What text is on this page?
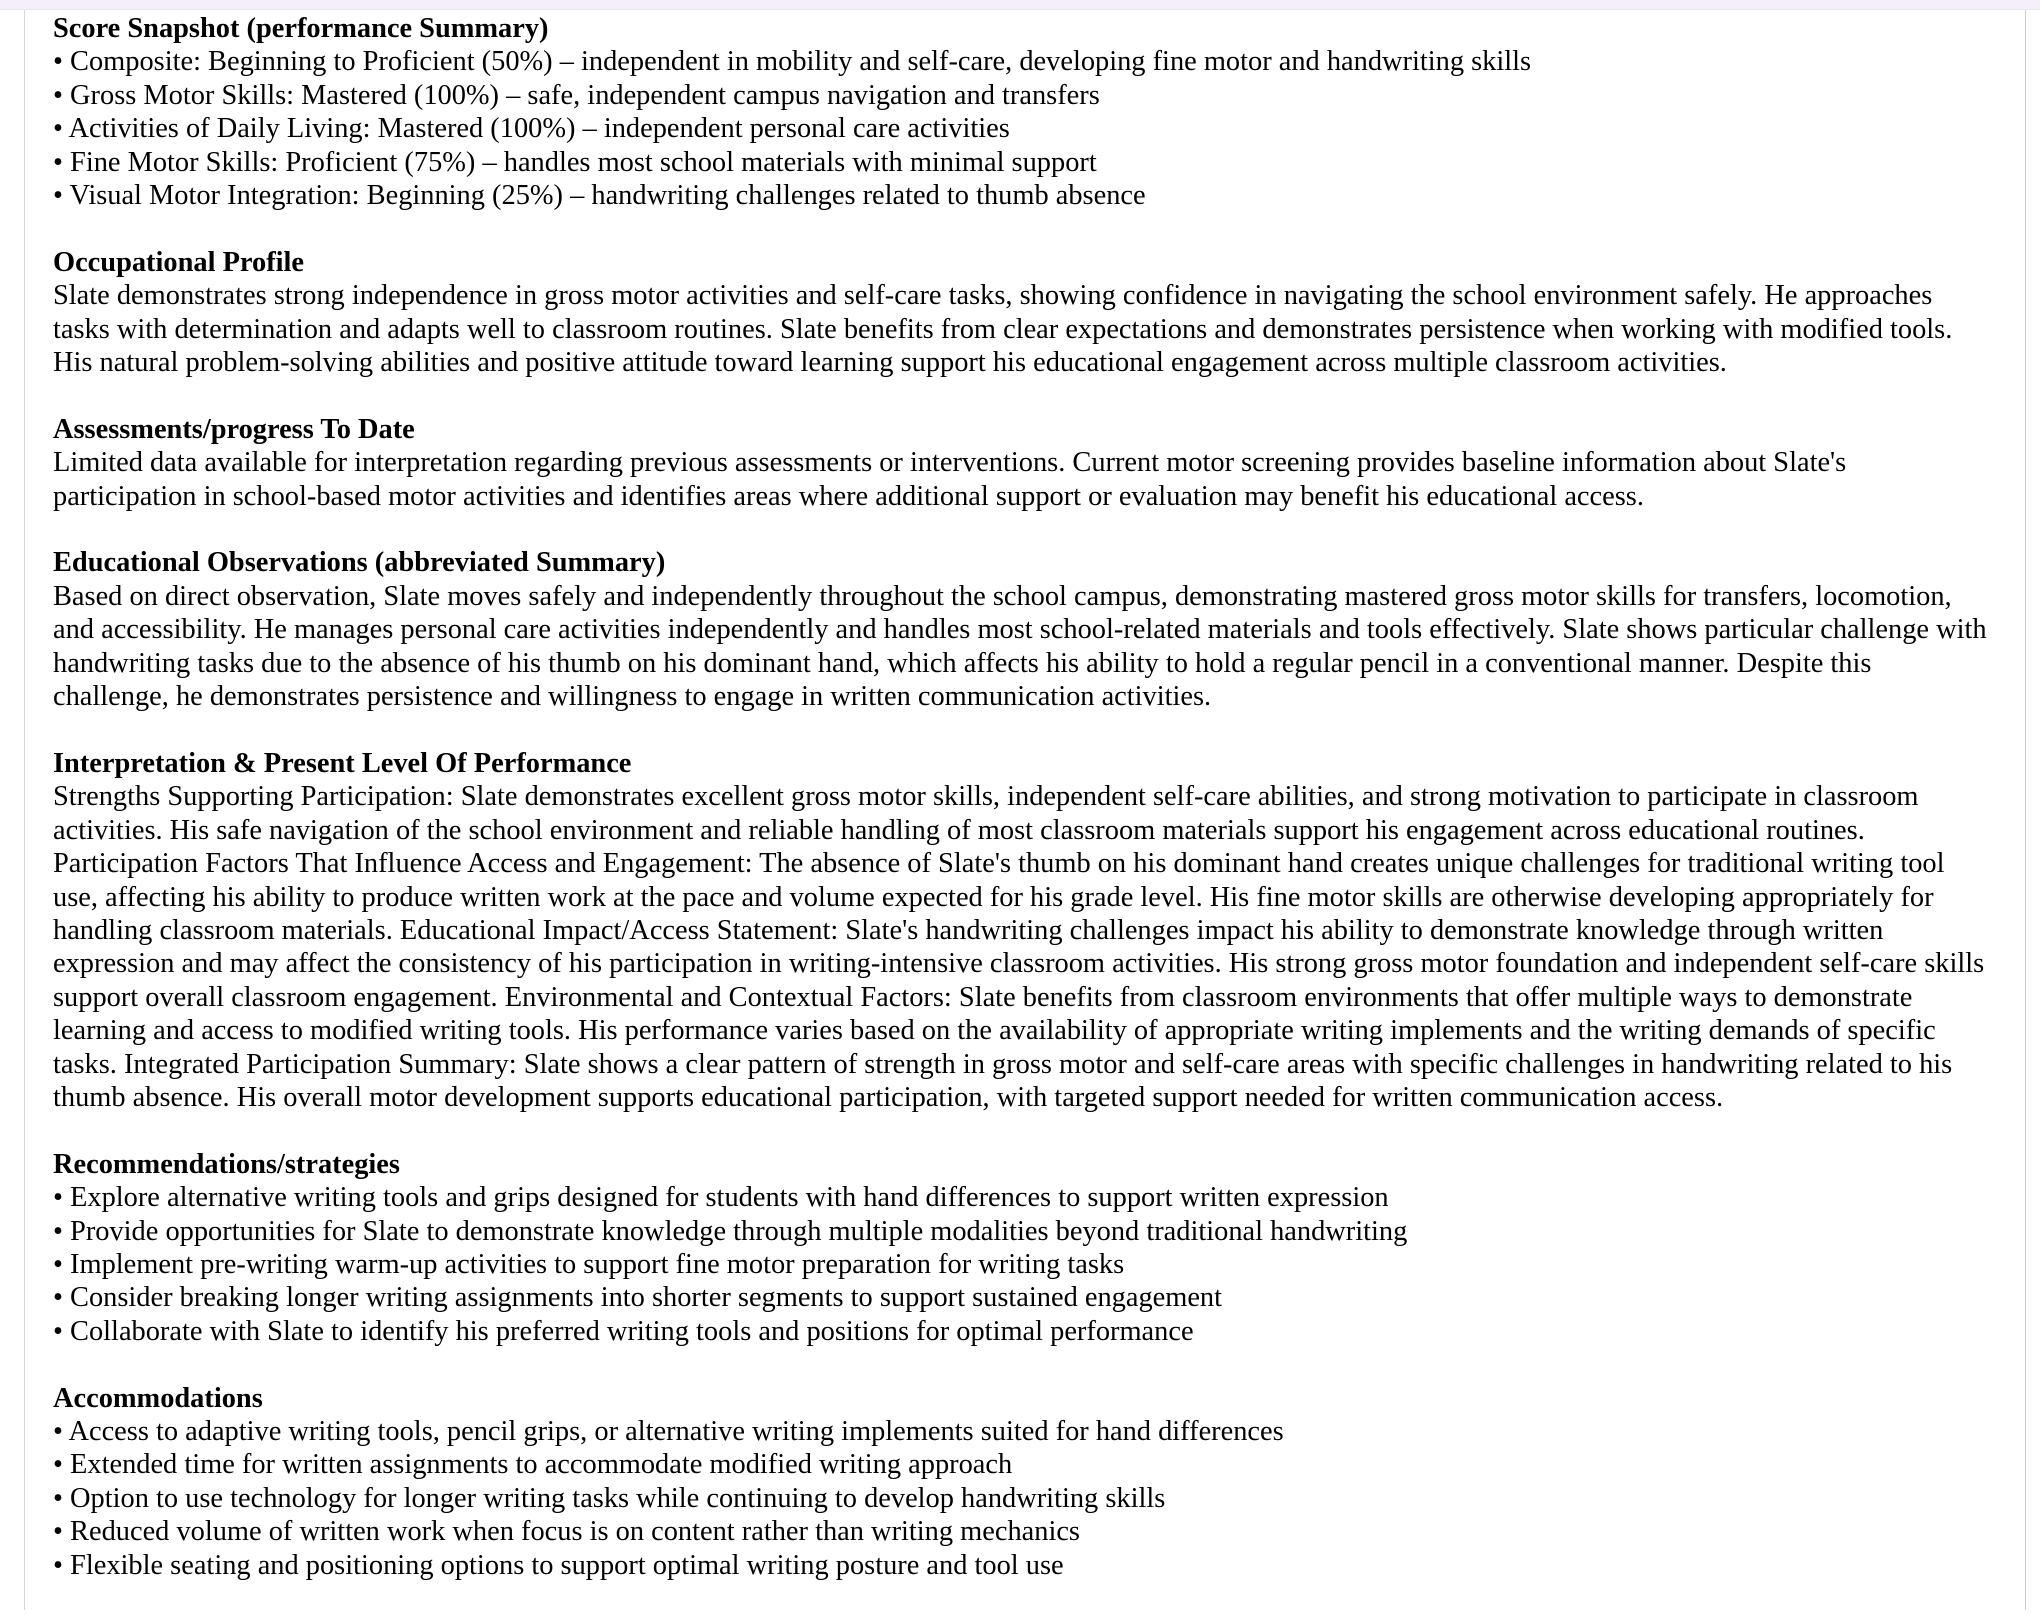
Score Snapshot (performance Summary)
• Composite: Beginning to Proficient (50%) – independent in mobility and self-care, developing fine motor and handwriting skills
• Gross Motor Skills: Mastered (100%) – safe, independent campus navigation and transfers
• Activities of Daily Living: Mastered (100%) – independent personal care activities
• Fine Motor Skills: Proficient (75%) – handles most school materials with minimal support
• Visual Motor Integration: Beginning (25%) – handwriting challenges related to thumb absence
Occupational Profile
Slate demonstrates strong independence in gross motor activities and self-care tasks, showing confidence in navigating the school environment safely. He approaches tasks with determination and adapts well to classroom routines. Slate benefits from clear expectations and demonstrates persistence when working with modified tools. His natural problem-solving abilities and positive attitude toward learning support his educational engagement across multiple classroom activities.
Assessments/progress To Date
Limited data available for interpretation regarding previous assessments or interventions. Current motor screening provides baseline information about Slate's participation in school-based motor activities and identifies areas where additional support or evaluation may benefit his educational access.
Educational Observations (abbreviated Summary)
Based on direct observation, Slate moves safely and independently throughout the school campus, demonstrating mastered gross motor skills for transfers, locomotion, and accessibility. He manages personal care activities independently and handles most school-related materials and tools effectively. Slate shows particular challenge with handwriting tasks due to the absence of his thumb on his dominant hand, which affects his ability to hold a regular pencil in a conventional manner. Despite this challenge, he demonstrates persistence and willingness to engage in written communication activities.
Interpretation & Present Level Of Performance
Strengths Supporting Participation: Slate demonstrates excellent gross motor skills, independent self-care abilities, and strong motivation to participate in classroom activities. His safe navigation of the school environment and reliable handling of most classroom materials support his engagement across educational routines. Participation Factors That Influence Access and Engagement: The absence of Slate's thumb on his dominant hand creates unique challenges for traditional writing tool use, affecting his ability to produce written work at the pace and volume expected for his grade level. His fine motor skills are otherwise developing appropriately for handling classroom materials. Educational Impact/Access Statement: Slate's handwriting challenges impact his ability to demonstrate knowledge through written expression and may affect the consistency of his participation in writing-intensive classroom activities. His strong gross motor foundation and independent self-care skills support overall classroom engagement. Environmental and Contextual Factors: Slate benefits from classroom environments that offer multiple ways to demonstrate learning and access to modified writing tools. His performance varies based on the availability of appropriate writing implements and the writing demands of specific tasks. Integrated Participation Summary: Slate shows a clear pattern of strength in gross motor and self-care areas with specific challenges in handwriting related to his thumb absence. His overall motor development supports educational participation, with targeted support needed for written communication access.
Recommendations/strategies
• Explore alternative writing tools and grips designed for students with hand differences to support written expression
• Provide opportunities for Slate to demonstrate knowledge through multiple modalities beyond traditional handwriting
• Implement pre-writing warm-up activities to support fine motor preparation for writing tasks
• Consider breaking longer writing assignments into shorter segments to support sustained engagement
• Collaborate with Slate to identify his preferred writing tools and positions for optimal performance
Accommodations
• Access to adaptive writing tools, pencil grips, or alternative writing implements suited for hand differences
• Extended time for written assignments to accommodate modified writing approach
• Option to use technology for longer writing tasks while continuing to develop handwriting skills
• Reduced volume of written work when focus is on content rather than writing mechanics
• Flexible seating and positioning options to support optimal writing posture and tool use
